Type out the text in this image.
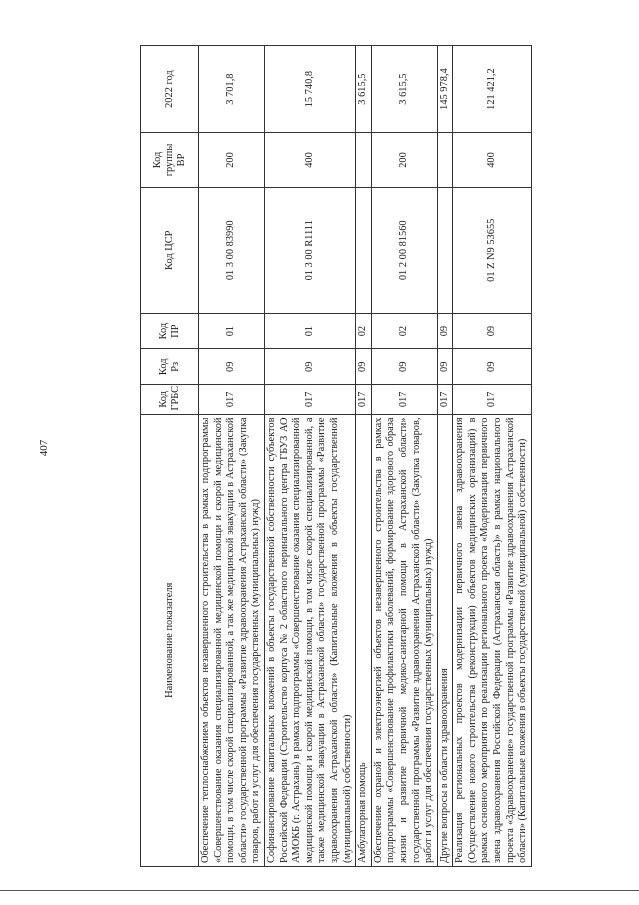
407
Наименование показателя	Код ГРБС	Код Рз	Код ПР	Код ЦСР	Код группы ВР	2022 год
Обеспечение теплоснабжением объектов незавершенного строительства в рамках подпрограммы «Совершенствование оказания специализированной медицинской помощи и скорой медицинской помощи, в том числе скорой специализированной, а так же медицинской эвакуации в Астраханской области» государственной программы «Развитие здравоохранения Астраханской области» (Закупка товаров, работ и услуг для обеспечения государственных (муниципальных) нужд)	017	09	01	01 3 00 83990	200	3 701,8
Софинансирование капитальных вложений в объекты государственной собственности субъектов Российской Федерации (Строительство корпуса № 2 областного перинатального центра ГБУЗ АО АМОКБ (г. Астрахань) в рамках подпрограммы «Совершенствование оказания специализированной медицинской помощи и скорой медицинской помощи, в том числе скорой специализированной, а также медицинской эвакуации в Астраханской области» государственной программы «Развитие здравоохранения Астраханской области» (Капитальные вложения в объекты государственной (муниципальной) собственности)	017	09	01	01 3 00 R1111	400	15 740,8
Амбулаторная помощь	017	09	02			3 615,5
Обеспечение охраной и электроэнергией объектов незавершенного строительства в рамках подпрограммы «Совершенствование профилактики заболеваний, формирование здорового образа жизни и развитие первичной медико-санитарной помощи в Астраханской области» государственной программы «Развитие здравоохранения Астраханской области» (Закупка товаров, работ и услуг для обеспечения государственных (муниципальных) нужд)	017	09	02	01 2 00 81560	200	3 615,5
Другие вопросы в области здравоохранения	017	09	09			145 978,4
Реализация региональных проектов модернизации первичного звена здравоохранения (Осуществление нового строительства (реконструкции) объектов медицинских организаций) в рамках основного мероприятия по реализации регионального проекта «Модернизация первичного звена здравоохранения Российской Федерации (Астраханская область)» в рамках национального проекта «Здравоохранение» государственной программы «Развитие здравоохранения Астраханской области» (Капитальные вложения в объекты государственной (муниципальной) собственности)	017	09	09	01 Z N9 53655	400	121 421,2
